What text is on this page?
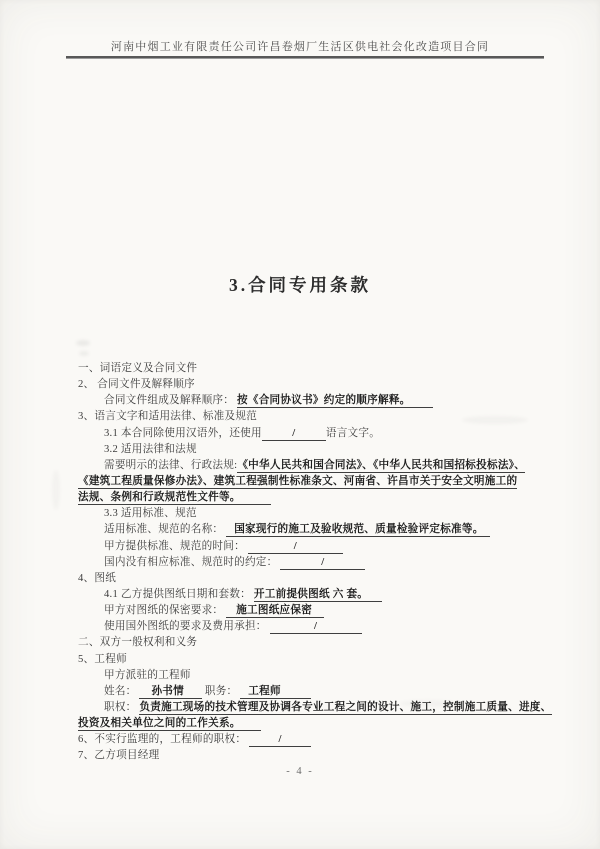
河南中烟工业有限责任公司许昌卷烟厂生活区供电社会化改造项目合同
3.合同专用条款
一、词语定义及合同文件
2、 合同文件及解释顺序
合同文件组成及解释顺序： 按《合同协议书》约定的顺序解释。
3、语言文字和适用法律、标准及规范
3.1 本合同除使用汉语外，还使用	/	语言文字。
3.2 适用法律和法规
需要明示的法律、行政法规:《中华人民共和国合同法》、《中华人民共和国招标投标法》、
《建筑工程质量保修办法》、建筑工程强制性标准条文、河南省、许昌市关于安全文明施工的
法规、条例和行政规范性文件等。
3.3 适用标准、规范
适用标准、规范的名称： 国家现行的施工及验收规范、质量检验评定标准等。
甲方提供标准、规范的时间：	/
国内没有相应标准、规范时的约定：	/
4、图纸
4.1 乙方提供图纸日期和套数： 开工前提供图纸 六 套。
甲方对图纸的保密要求： 施工图纸应保密
使用国外图纸的要求及费用承担：	/
二、双方一般权利和义务
5、工程师
甲方派驻的工程师
姓名： 孙书情 职务： 工程师
职权： 负责施工现场的技术管理及协调各专业工程之间的设计、施工，控制施工质量、进度、
投资及相关单位之间的工作关系。
6、不实行监理的，工程师的职权：	/
7、乙方项目经理
- 4 -
